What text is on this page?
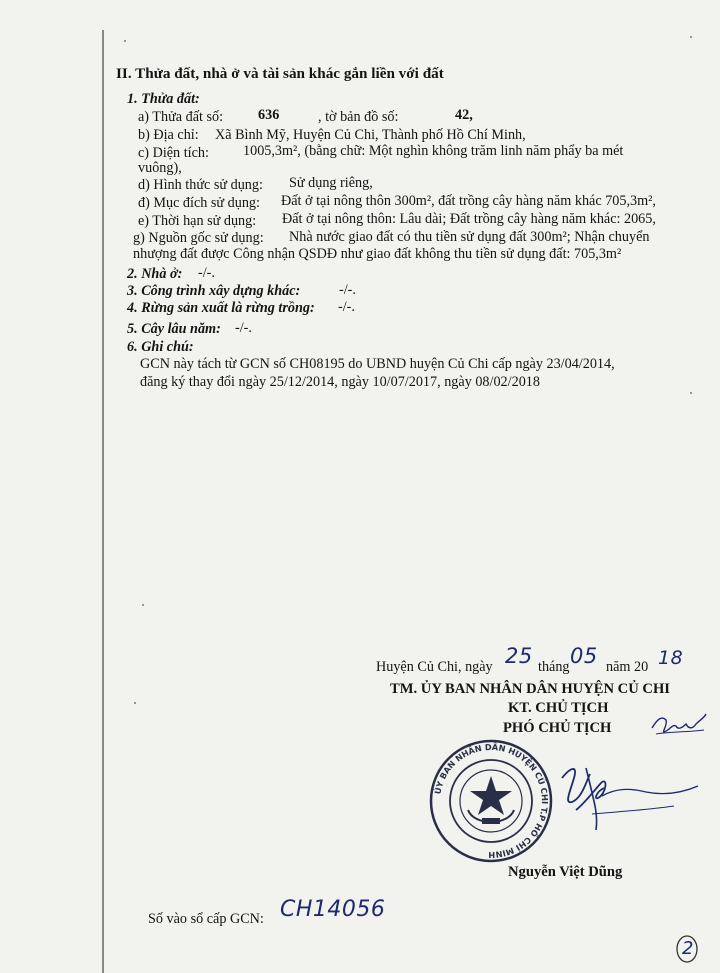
II. Thửa đất, nhà ở và tài sản khác gắn liền với đất
1. Thửa đất:
a) Thửa đất số: 636	, tờ bản đồ số:	42,
b) Địa chỉ: Xã Bình Mỹ, Huyện Củ Chi, Thành phố Hồ Chí Minh,
c) Diện tích: 1005,3m², (bằng chữ: Một nghìn không trăm linh năm phẩy ba mét
vuông),
d) Hình thức sử dụng: Sử dụng riêng,
đ) Mục đích sử dụng: Đất ở tại nông thôn 300m², đất trồng cây hàng năm khác 705,3m²,
e) Thời hạn sử dụng: Đất ở tại nông thôn: Lâu dài; Đất trồng cây hàng năm khác: 2065,
g) Nguồn gốc sử dụng: Nhà nước giao đất có thu tiền sử dụng đất 300m²; Nhận chuyển
nhượng đất được Công nhận QSDĐ như giao đất không thu tiền sử dụng đất: 705,3m²
2. Nhà ở: -/-.
3. Công trình xây dựng khác:	-/-.
4. Rừng sản xuất là rừng trồng: -/-.
5. Cây lâu năm: -/-.
6. Ghi chú:
GCN này tách từ GCN số CH08195 do UBND huyện Củ Chi cấp ngày 23/04/2014,
đăng ký thay đổi ngày 25/12/2014, ngày 10/07/2017, ngày 08/02/2018
Huyện Củ Chi, ngày 25 tháng 05 năm 20 18
TM. ỦY BAN NHÂN DÂN HUYỆN CỦ CHI
KT. CHỦ TỊCH
PHÓ CHỦ TỊCH
ỦY BAN NHÂN DÂN HUYỆN CỦ CHI T.P HỒ CHÍ MINH
Nguyễn Việt Dũng
Số vào sổ cấp GCN: CH14056
2
